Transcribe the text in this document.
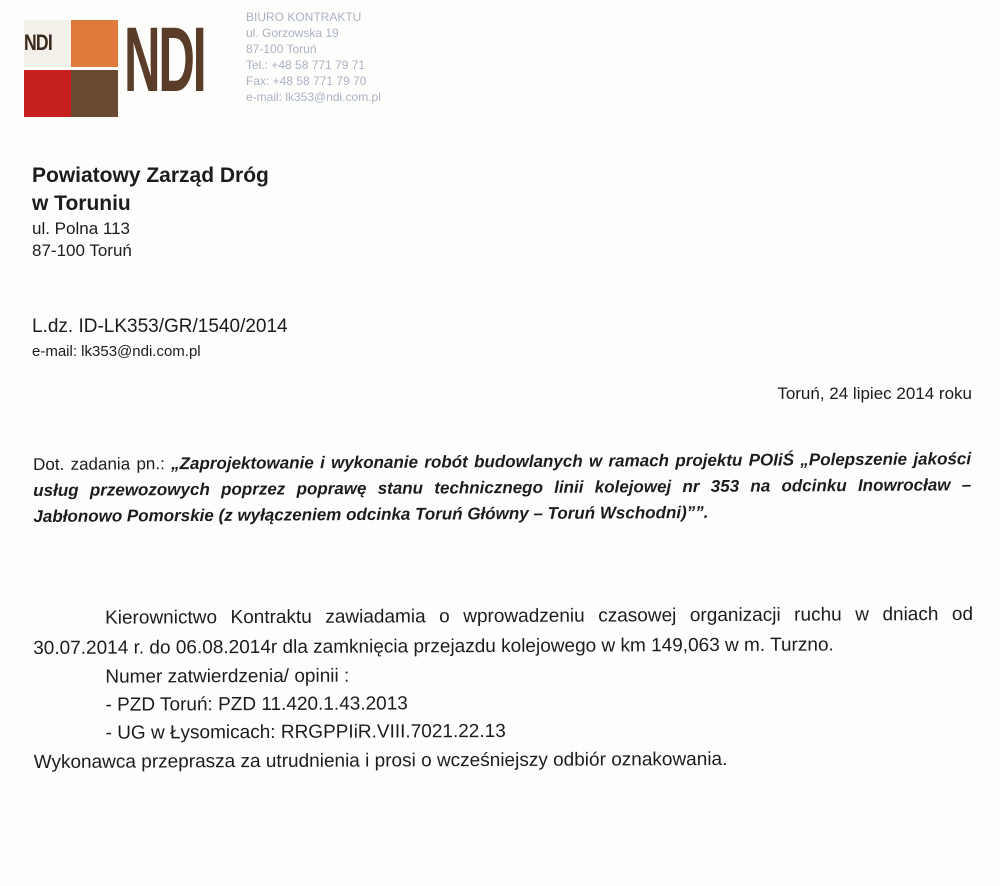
NDI NDI	BIURO KONTRAKTU
ul. Gorzowska 19
87-100 Toruń
Tel.: +48 58 771 79 71
Fax: +48 58 771 79 70
e-mail: lk353@ndi.com.pl
Powiatowy Zarząd Dróg
w Toruniu
ul. Polna 113
87-100 Toruń
L.dz. ID-LK353/GR/1540/2014
e-mail: lk353@ndi.com.pl
Toruń, 24 lipiec 2014 roku
Dot. zadania pn.: „Zaprojektowanie i wykonanie robót budowlanych w ramach projektu POIiŚ „Polepszenie jakości usług przewozowych poprzez poprawę stanu technicznego linii kolejowej nr 353 na odcinku Inowrocław – Jabłonowo Pomorskie (z wyłączeniem odcinka Toruń Główny – Toruń Wschodni)””.
Kierownictwo Kontraktu zawiadamia o wprowadzeniu czasowej organizacji ruchu w dniach od 30.07.2014 r. do 06.08.2014r dla zamknięcia przejazdu kolejowego w km 149,063 w m. Turzno.
Numer zatwierdzenia/ opinii :
- PZD Toruń: PZD 11.420.1.43.2013
- UG w Łysomicach: RRGPPIiR.VIII.7021.22.13
Wykonawca przeprasza za utrudnienia i prosi o wcześniejszy odbiór oznakowania.
